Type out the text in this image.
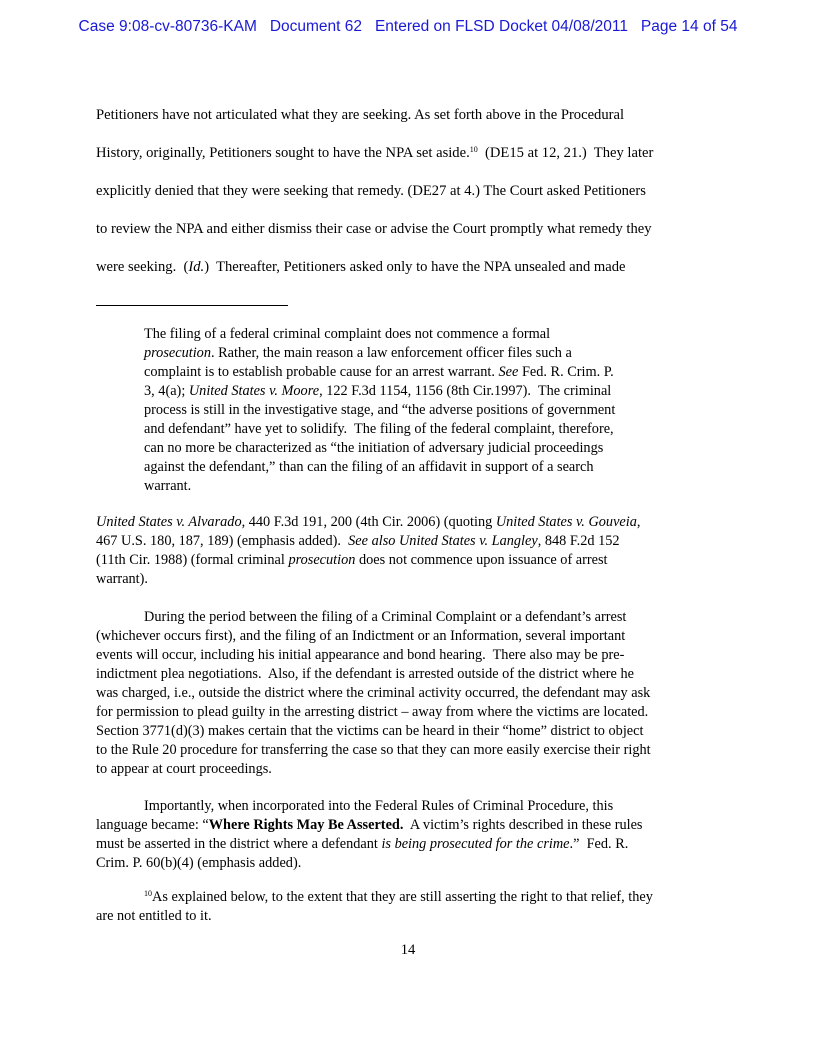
Case 9:08-cv-80736-KAM Document 62 Entered on FLSD Docket 04/08/2011 Page 14 of 54
Petitioners have not articulated what they are seeking. As set forth above in the Procedural
History, originally, Petitioners sought to have the NPA set aside.$^{10}$  (DE15 at 12, 21.)  They later
explicitly denied that they were seeking that remedy. (DE27 at 4.) The Court asked Petitioners
to review the NPA and either dismiss their case or advise the Court promptly what remedy they
were seeking.  (Id.)  Thereafter, Petitioners asked only to have the NPA unsealed and made
The filing of a federal criminal complaint does not commence a formal
prosecution. Rather, the main reason a law enforcement officer files such a
complaint is to establish probable cause for an arrest warrant. See Fed. R. Crim. P.
3, 4(a); United States v. Moore, 122 F.3d 1154, 1156 (8th Cir.1997).  The criminal
process is still in the investigative stage, and “the adverse positions of government
and defendant” have yet to solidify.  The filing of the federal complaint, therefore,
can no more be characterized as “the initiation of adversary judicial proceedings
against the defendant,” than can the filing of an affidavit in support of a search
warrant.
United States v. Alvarado, 440 F.3d 191, 200 (4th Cir. 2006) (quoting United States v. Gouveia,
467 U.S. 180, 187, 189) (emphasis added).  See also United States v. Langley, 848 F.2d 152
(11th Cir. 1988) (formal criminal prosecution does not commence upon issuance of arrest
warrant).
During the period between the filing of a Criminal Complaint or a defendant’s arrest
(whichever occurs first), and the filing of an Indictment or an Information, several important
events will occur, including his initial appearance and bond hearing.  There also may be pre-
indictment plea negotiations.  Also, if the defendant is arrested outside of the district where he
was charged, i.e., outside the district where the criminal activity occurred, the defendant may ask
for permission to plead guilty in the arresting district – away from where the victims are located.
Section 3771(d)(3) makes certain that the victims can be heard in their “home” district to object
to the Rule 20 procedure for transferring the case so that they can more easily exercise their right
to appear at court proceedings.
Importantly, when incorporated into the Federal Rules of Criminal Procedure, this
language became: “Where Rights May Be Asserted.  A victim’s rights described in these rules
must be asserted in the district where a defendant is being prosecuted for the crime.”  Fed. R.
Crim. P. 60(b)(4) (emphasis added).
$^{10}$As explained below, to the extent that they are still asserting the right to that relief, they
are not entitled to it.
14
